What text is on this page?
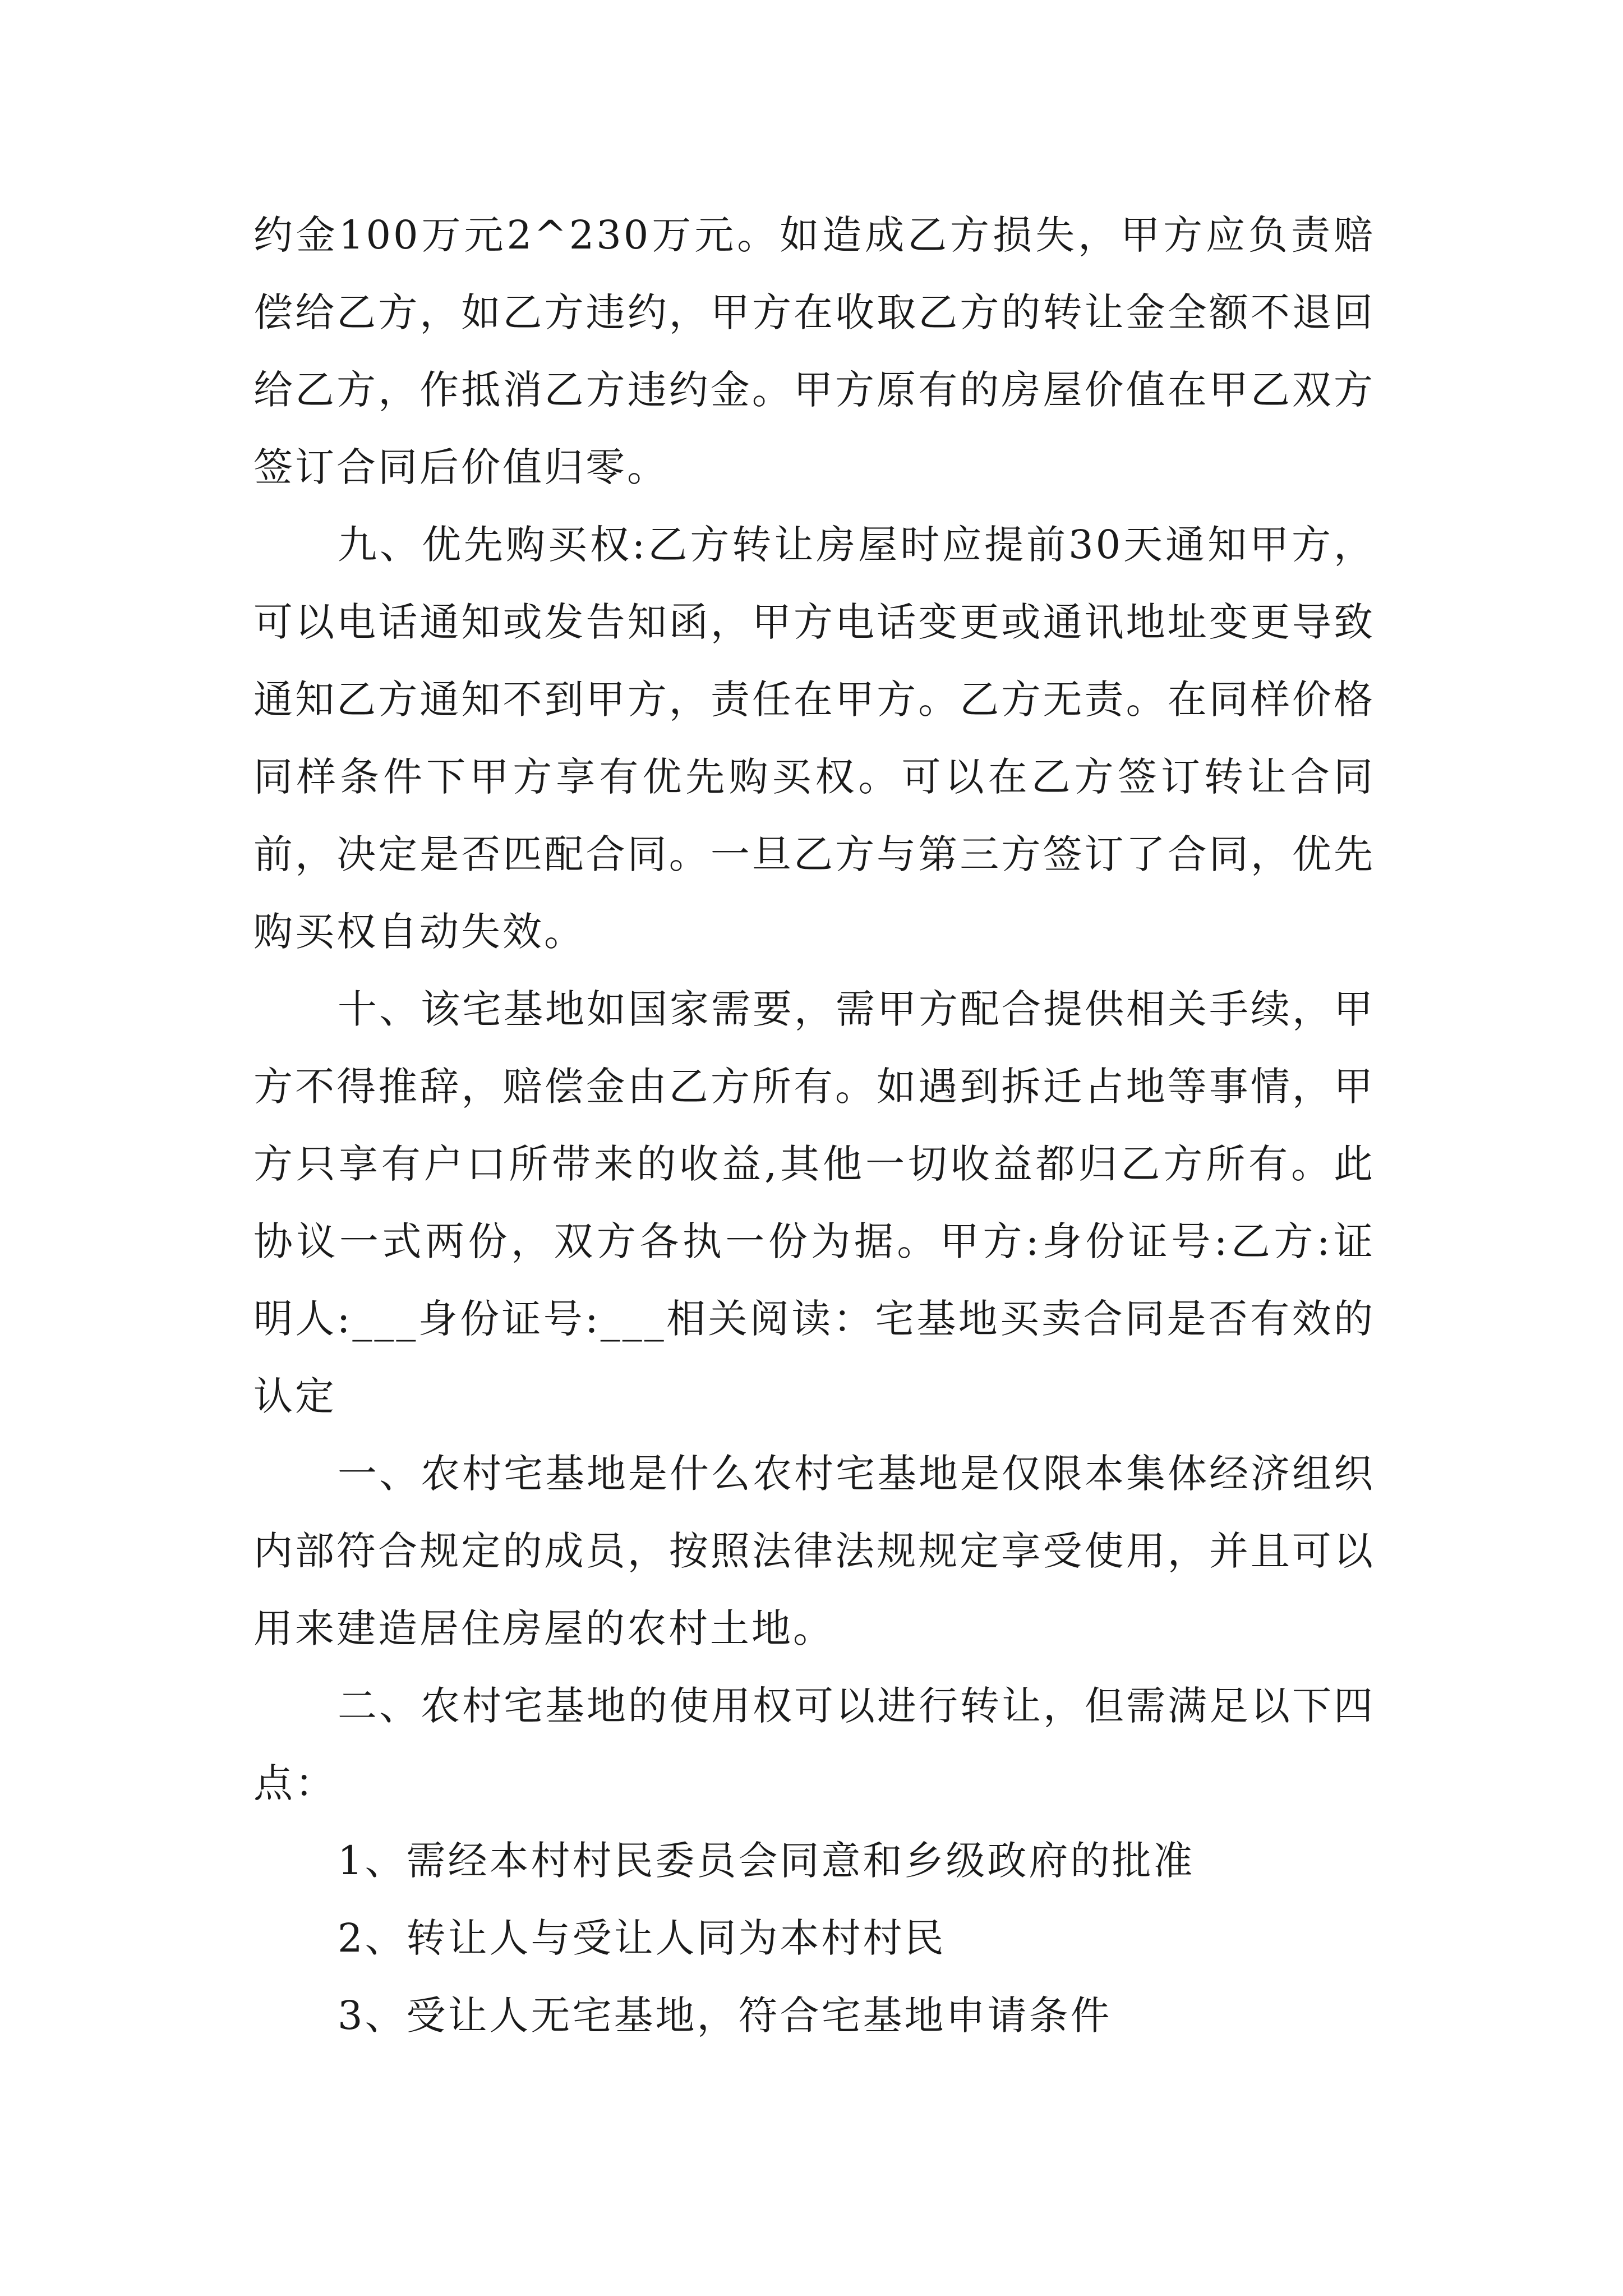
约金100万元2^230万元。如造成乙方损失，甲方应负责赔偿给乙方，如乙方违约，甲方在收取乙方的转让金全额不退回给乙方，作抵消乙方违约金。甲方原有的房屋价值在甲乙双方签订合同后价值归零。

九、优先购买权:乙方转让房屋时应提前30天通知甲方，可以电话通知或发告知函，甲方电话变更或通讯地址变更导致通知乙方通知不到甲方，责任在甲方。乙方无责。在同样价格同样条件下甲方享有优先购买权。可以在乙方签订转让合同前，决定是否匹配合同。一旦乙方与第三方签订了合同，优先购买权自动失效。

十、该宅基地如国家需要，需甲方配合提供相关手续，甲方不得推辞，赔偿金由乙方所有。如遇到拆迁占地等事情，甲方只享有户口所带来的收益,其他一切收益都归乙方所有。此协议一式两份，双方各执一份为据。甲方:身份证号:乙方:证明人:___身份证号:___相关阅读：宅基地买卖合同是否有效的认定

一、农村宅基地是什么农村宅基地是仅限本集体经济组织内部符合规定的成员，按照法律法规规定享受使用，并且可以用来建造居住房屋的农村土地。

二、农村宅基地的使用权可以进行转让，但需满足以下四点：

1、需经本村村民委员会同意和乡级政府的批准

2、转让人与受让人同为本村村民

3、受让人无宅基地，符合宅基地申请条件
